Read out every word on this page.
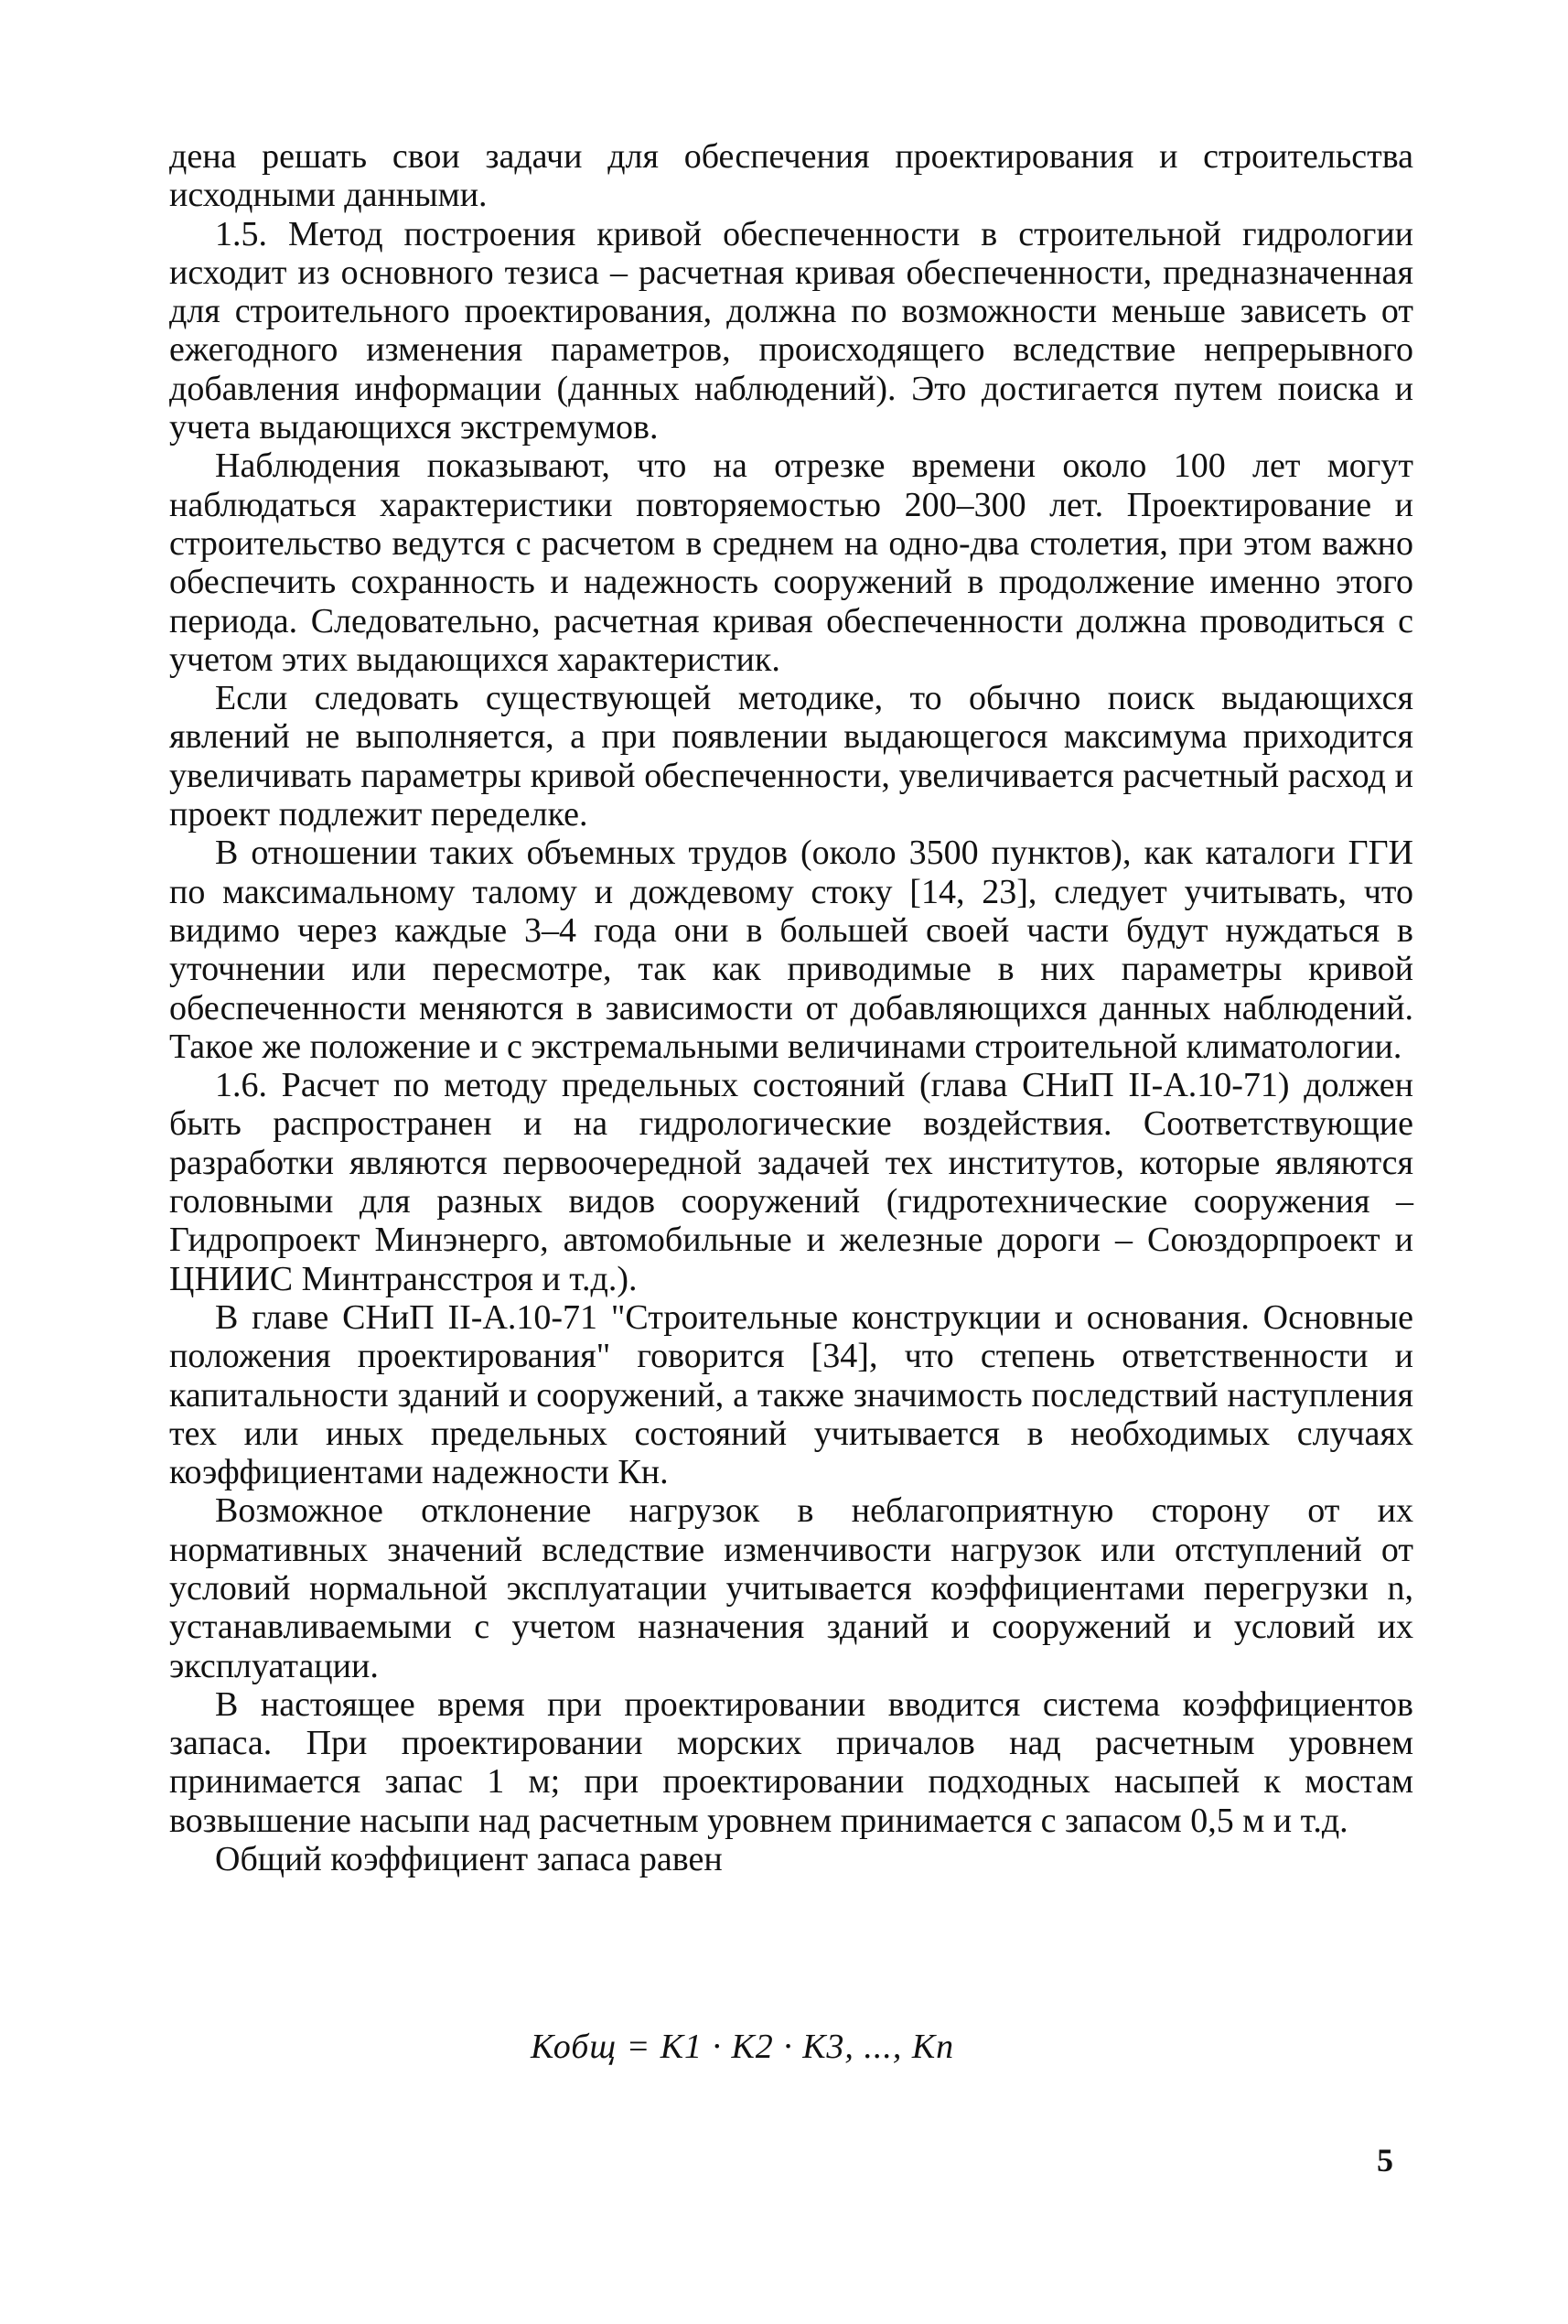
дена решать свои задачи для обеспечения проектирования и строительства исходными данными.

1.5. Метод построения кривой обеспеченности в строительной гидрологии исходит из основного тезиса – расчетная кривая обеспеченности, предназначенная для строительного проектирования, должна по возможности меньше зависеть от ежегодного изменения параметров, происходящего вследствие непрерывного добавления информации (данных наблюдений). Это достигается путем поиска и учета выдающихся экстремумов.

Наблюдения показывают, что на отрезке времени около 100 лет могут наблюдаться характеристики повторяемостью 200–300 лет. Проектирование и строительство ведутся с расчетом в среднем на одно-два столетия, при этом важно обеспечить сохранность и надежность сооружений в продолжение именно этого периода. Следовательно, расчетная кривая обеспеченности должна проводиться с учетом этих выдающихся характеристик.

Если следовать существующей методике, то обычно поиск выдающихся явлений не выполняется, а при появлении выдающегося максимума приходится увеличивать параметры кривой обеспеченности, увеличивается расчетный расход и проект подлежит переделке.

В отношении таких объемных трудов (около 3500 пунктов), как каталоги ГГИ по максимальному талому и дождевому стоку [14, 23], следует учитывать, что видимо через каждые 3–4 года они в большей своей части будут нуждаться в уточнении или пересмотре, так как приводимые в них параметры кривой обеспеченности меняются в зависимости от добавляющихся данных наблюдений. Такое же положение и с экстремальными величинами строительной климатологии.

1.6. Расчет по методу предельных состояний (глава СНиП II-А.10-71) должен быть распространен и на гидрологические воздействия. Соответствующие разработки являются первоочередной задачей тех институтов, которые являются головными для разных видов сооружений (гидротехнические сооружения – Гидропроект Минэнерго, автомобильные и железные дороги – Союздорпроект и ЦНИИС Минтрансстроя и т.д.).

В главе СНиП II-А.10-71 "Строительные конструкции и основания. Основные положения проектирования" говорится [34], что степень ответственности и капитальности зданий и сооружений, а также значимость последствий наступления тех или иных предельных состояний учитывается в необходимых случаях коэффициентами надежности Кн.

Возможное отклонение нагрузок в неблагоприятную сторону от их нормативных значений вследствие изменчивости нагрузок или отступлений от условий нормальной эксплуатации учитывается коэффициентами перегрузки n, устанавливаемыми с учетом назначения зданий и сооружений и условий их эксплуатации.

В настоящее время при проектировании вводится система коэффициентов запаса. При проектировании морских причалов над расчетным уровнем принимается запас 1 м; при проектировании подходных насыпей к мостам возвышение насыпи над расчетным уровнем принимается с запасом 0,5 м и т.д.

Общий коэффициент запаса равен

Кобщ = К1 · К2 · К3, ..., Кn
5
